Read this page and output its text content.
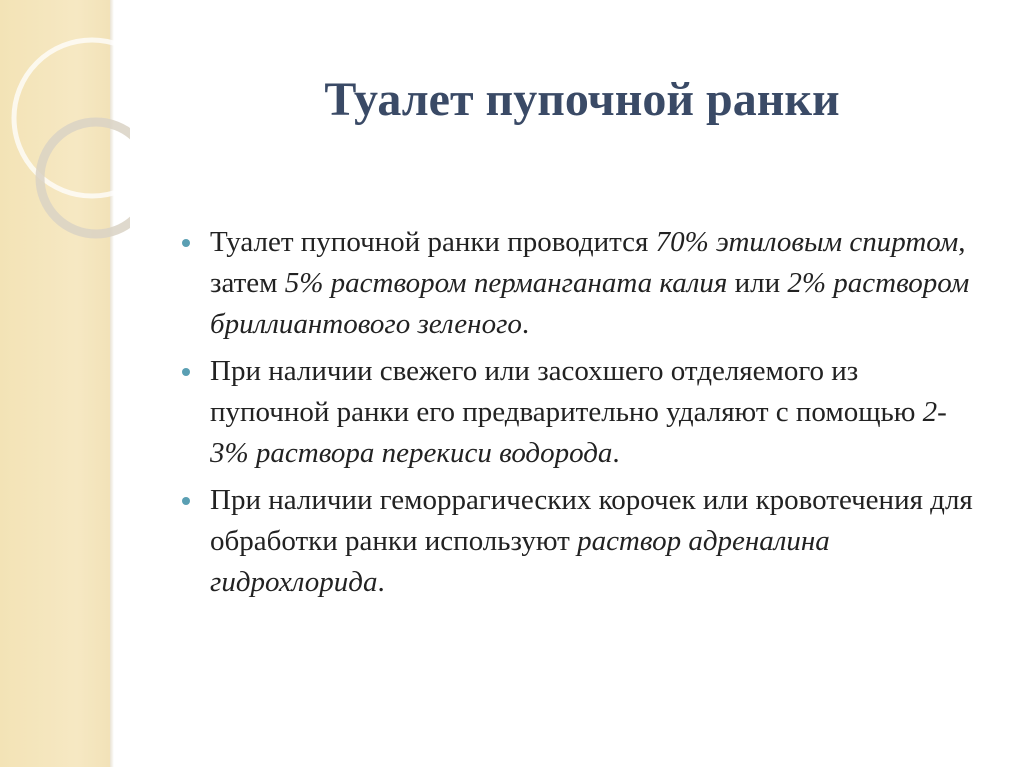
Туалет пупочной ранки
Туалет пупочной ранки проводится 70% этиловым спиртом, затем 5% раствором перманганата калия или 2% раствором бриллиантового зеленого.
При наличии свежего или засохшего отделяемого из пупочной ранки его предварительно удаляют с помощью 2-3% раствора перекиси водорода.
При наличии геморрагических корочек или кровотечения для обработки ранки используют раствор адреналина гидрохлорида.
